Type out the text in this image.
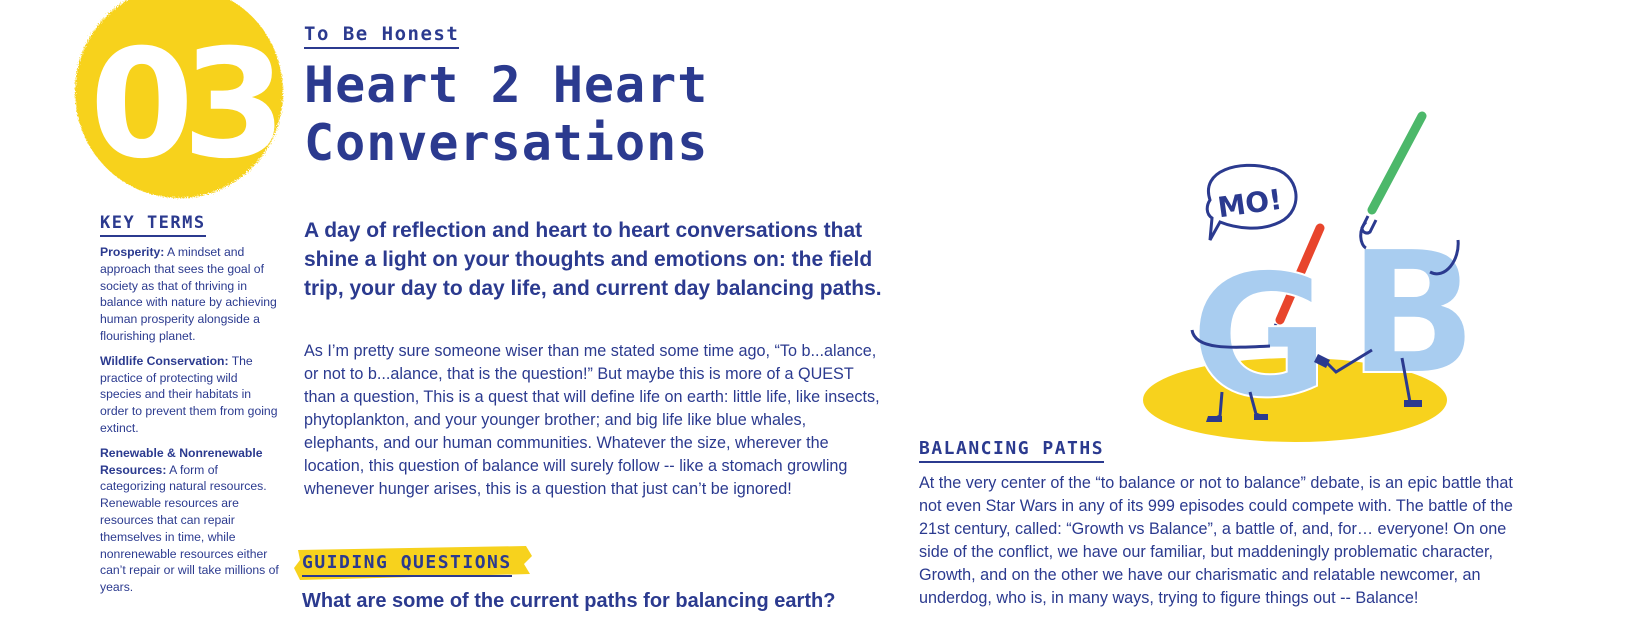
03 To Be Honest
Heart 2 Heart
Conversations
KEY TERMS

Prosperity: A mindset and approach that sees the goal of society as that of thriving in balance with nature by achieving human prosperity alongside a flourishing planet.

Wildlife Conservation: The practice of protecting wild species and their habitats in order to prevent them from going extinct.

Renewable & Nonrenewable Resources: A form of categorizing natural resources. Renewable resources are resources that can repair themselves in time, while nonrenewable resources either can’t repair or will take millions of years.

A day of reflection and heart to heart conversations that shine a light on your thoughts and emotions on: the field trip, your day to day life, and current day balancing paths.

As I’m pretty sure someone wiser than me stated some time ago, “To b...alance, or not to b...alance, that is the question!” But maybe this is more of a QUEST than a question, This is a quest that will define life on earth: little life, like insects, phytoplankton, and your younger brother; and big life like blue whales, elephants, and our human communities. Whatever the size, wherever the location, this question of balance will surely follow -- like a stomach growling whenever hunger arises, this is a question that just can’t be ignored!

GUIDING QUESTIONS

What are some of the current paths for balancing earth?

MO!
G B
BALANCING PATHS

At the very center of the “to balance or not to balance” debate, is an epic battle that not even Star Wars in any of its 999 episodes could compete with. The battle of the 21st century, called: “Growth vs Balance”, a battle of, and, for… everyone! On one side of the conflict, we have our familiar, but maddeningly problematic character, Growth, and on the other we have our charismatic and relatable newcomer, an underdog, who is, in many ways, trying to figure things out -- Balance!
